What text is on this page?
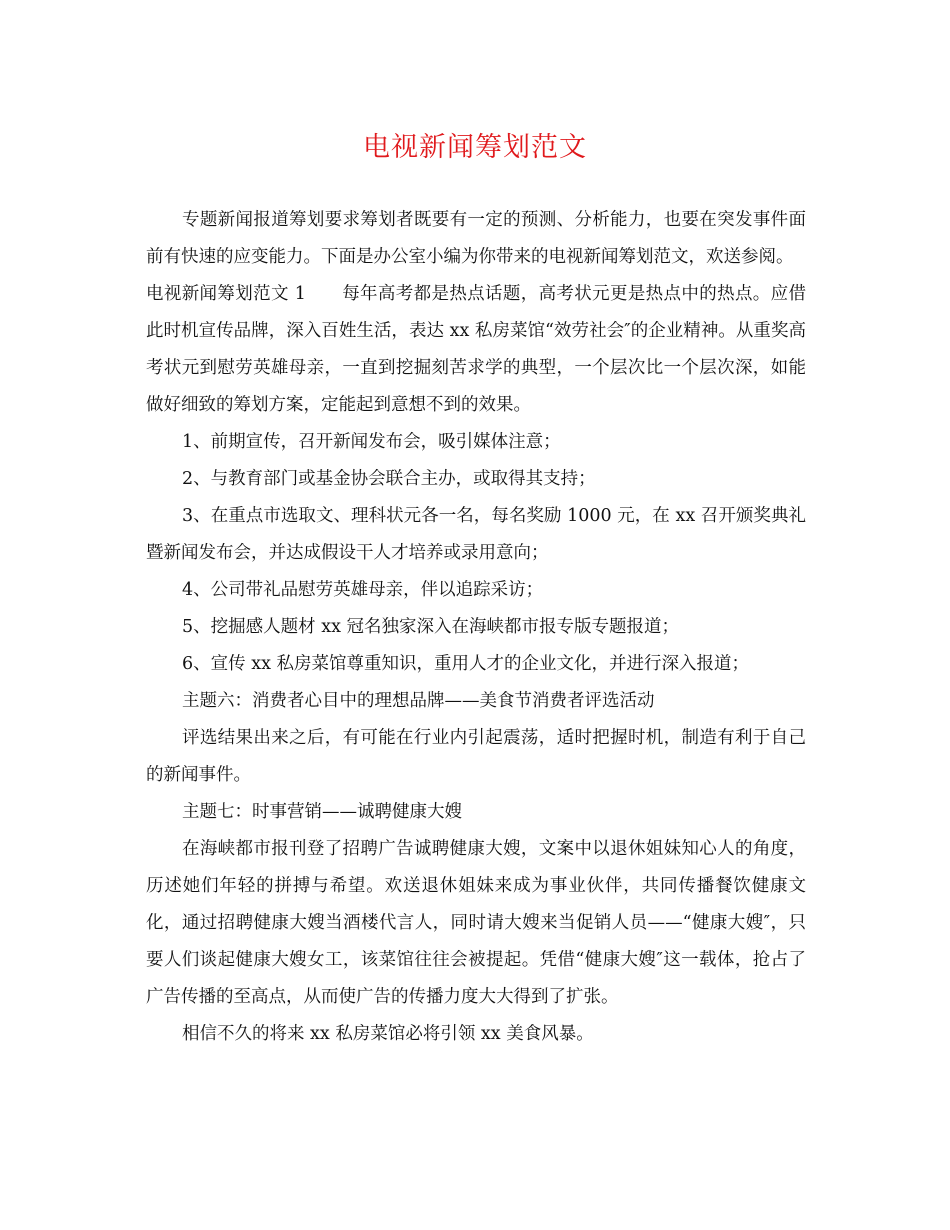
电视新闻筹划范文

专题新闻报道筹划要求筹划者既要有一定的预测、分析能力，也要在突发事件面前有快速的应变能力。下面是办公室小编为你带来的电视新闻筹划范文，欢送参阅。

电视新闻筹划范文 1 每年高考都是热点话题，高考状元更是热点中的热点。应借此时机宣传品牌，深入百姓生活，表达 xx 私房菜馆“效劳社会″的企业精神。从重奖高考状元到慰劳英雄母亲，一直到挖掘刻苦求学的典型，一个层次比一个层次深，如能做好细致的筹划方案，定能起到意想不到的效果。

1、前期宣传，召开新闻发布会，吸引媒体注意；

2、与教育部门或基金协会联合主办，或取得其支持；

3、在重点市选取文、理科状元各一名，每名奖励 1000 元，在 xx 召开颁奖典礼暨新闻发布会，并达成假设干人才培养或录用意向；

4、公司带礼品慰劳英雄母亲，伴以追踪采访；

5、挖掘感人题材 xx 冠名独家深入在海峡都市报专版专题报道；

6、宣传 xx 私房菜馆尊重知识，重用人才的企业文化，并进行深入报道；

主题六：消费者心目中的理想品牌——美食节消费者评选活动

评选结果出来之后，有可能在行业内引起震荡，适时把握时机，制造有利于自己的新闻事件。

主题七：时事营销——诚聘健康大嫂

在海峡都市报刊登了招聘广告诚聘健康大嫂，文案中以退休姐妹知心人的角度，历述她们年轻的拼搏与希望。欢送退休姐妹来成为事业伙伴，共同传播餐饮健康文化，通过招聘健康大嫂当酒楼代言人，同时请大嫂来当促销人员——“健康大嫂″，只要人们谈起健康大嫂女工，该菜馆往往会被提起。凭借“健康大嫂″这一载体，抢占了广告传播的至高点，从而使广告的传播力度大大得到了扩张。

相信不久的将来 xx 私房菜馆必将引领 xx 美食风暴。
